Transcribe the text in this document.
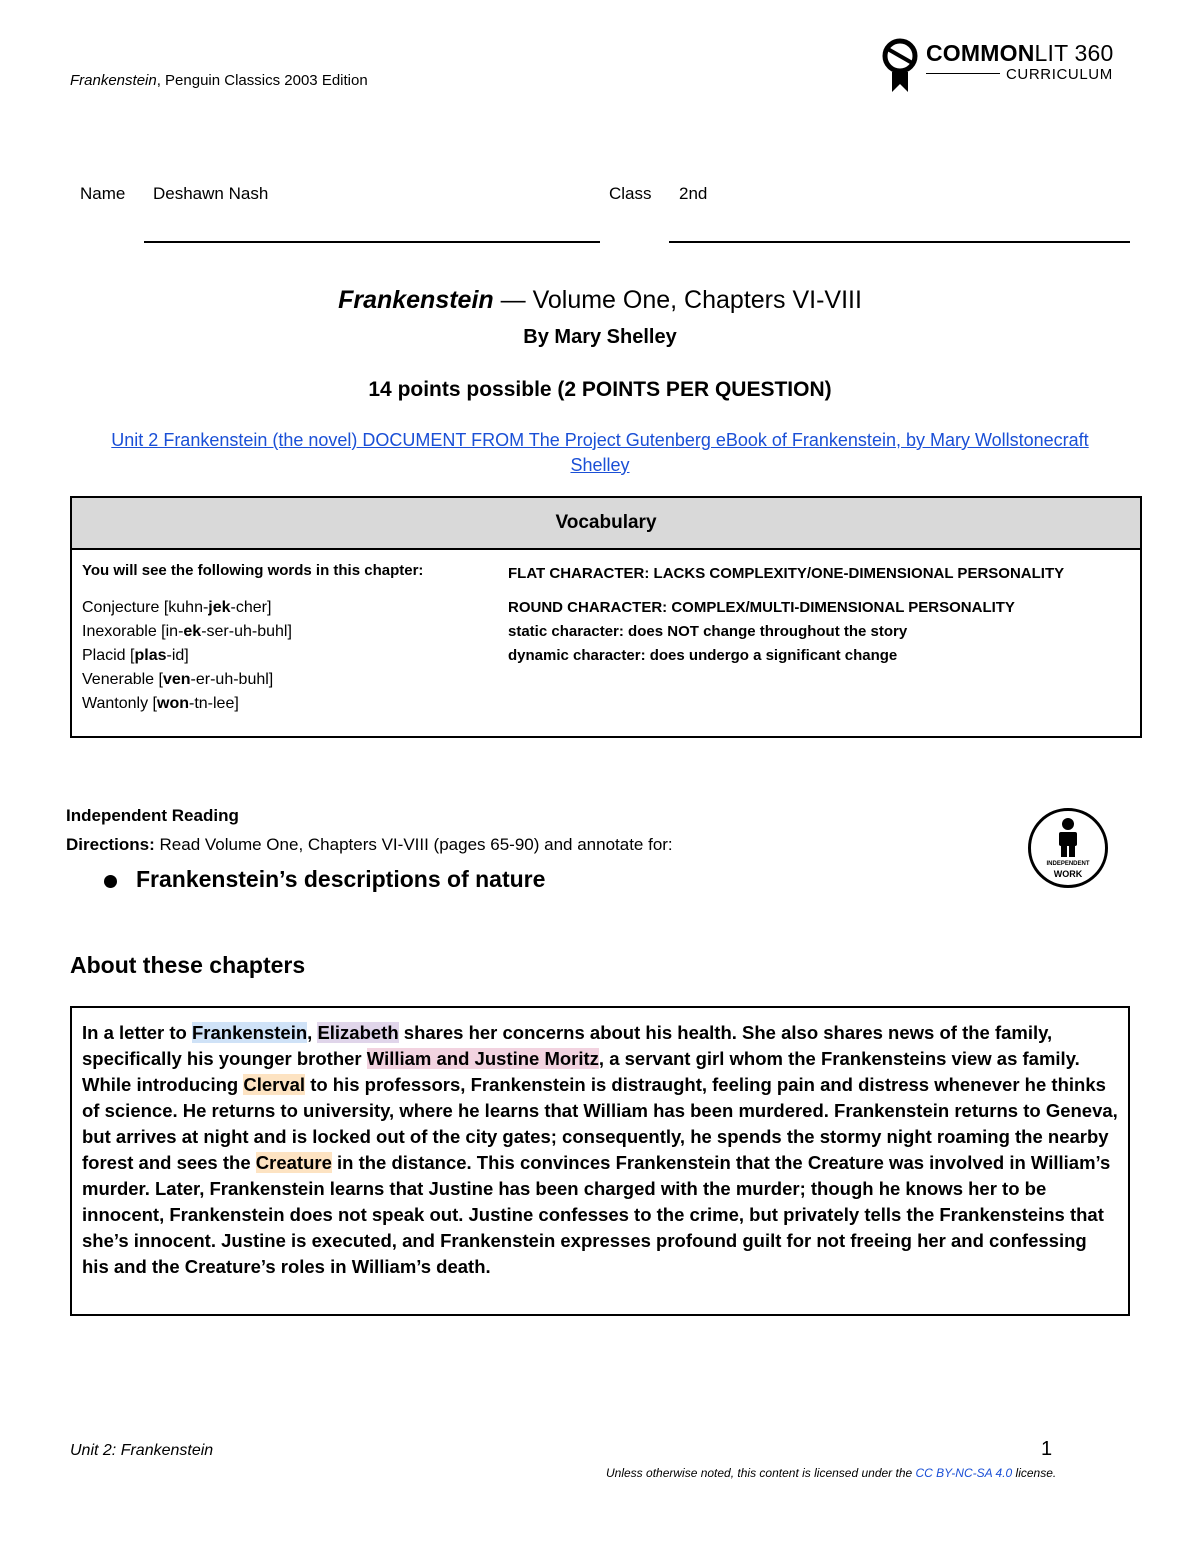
Frankenstein, Penguin Classics 2003 Edition
COMMONLIT 360
CURRICULUM
Name Deshawn Nash	Class 2nd
Frankenstein — Volume One, Chapters VI-VIII
By Mary Shelley
14 points possible (2 POINTS PER QUESTION)
Unit 2 Frankenstein (the novel) DOCUMENT FROM The Project Gutenberg eBook of Frankenstein, by Mary Wollstonecraft Shelley
Vocabulary
You will see the following words in this chapter:
Conjecture [kuhn-jek-cher]
Inexorable [in-ek-ser-uh-buhl]
Placid [plas-id]
Venerable [ven-er-uh-buhl]
Wantonly [won-tn-lee]
FLAT CHARACTER: LACKS COMPLEXITY/ONE-DIMENSIONAL PERSONALITY
ROUND CHARACTER: COMPLEX/MULTI-DIMENSIONAL PERSONALITY
static character: does NOT change throughout the story
dynamic character: does undergo a significant change
Independent Reading
Directions: Read Volume One, Chapters VI-VIII (pages 65-90) and annotate for:
Frankenstein’s descriptions of nature
INDEPENDENT
WORK
About these chapters
In a letter to Frankenstein, Elizabeth shares her concerns about his health. She also shares news of the family, specifically his younger brother William and Justine Moritz, a servant girl whom the Frankensteins view as family. While introducing Clerval to his professors, Frankenstein is distraught, feeling pain and distress whenever he thinks of science. He returns to university, where he learns that William has been murdered. Frankenstein returns to Geneva, but arrives at night and is locked out of the city gates; consequently, he spends the stormy night roaming the nearby forest and sees the Creature in the distance. This convinces Frankenstein that the Creature was involved in William’s murder. Later, Frankenstein learns that Justine has been charged with the murder; though he knows her to be innocent, Frankenstein does not speak out. Justine confesses to the crime, but privately tells the Frankensteins that she’s innocent. Justine is executed, and Frankenstein expresses profound guilt for not freeing her and confessing his and the Creature’s roles in William’s death.
Unit 2: Frankenstein	1
Unless otherwise noted, this content is licensed under the CC BY-NC-SA 4.0 license.
